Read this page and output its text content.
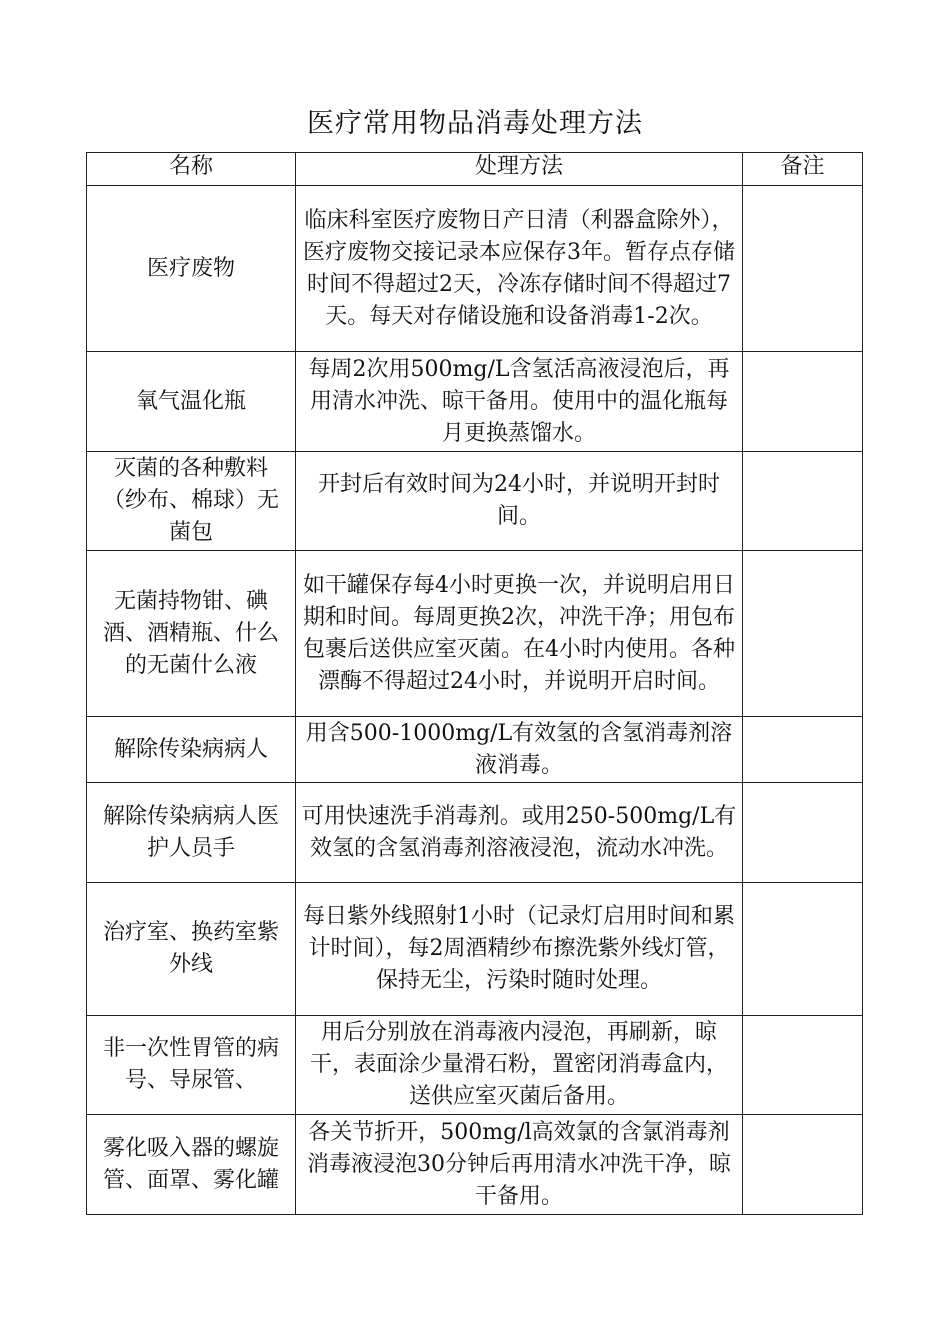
医疗常用物品消毒处理方法
名称	处理方法	备注
医疗废物	临床科室医疗废物日产日清（利器盒除外），医疗废物交接记录本应保存3年。暂存点存储时间不得超过2天，冷冻存储时间不得超过7天。每天对存储设施和设备消毒1-2次。	
氧气温化瓶	每周2次用500mg/L含氢活高液浸泡后，再用清水冲洗、晾干备用。使用中的温化瓶每月更换蒸馏水。	
灭菌的各种敷料（纱布、棉球）无菌包	开封后有效时间为24小时，并说明开封时间。	
无菌持物钳、碘酒、酒精瓶、什么的无菌什么液	如干罐保存每4小时更换一次，并说明启用日期和时间。每周更换2次，冲洗干净；用包布包裹后送供应室灭菌。在4小时内使用。各种漂酶不得超过24小时，并说明开启时间。	
解除传染病病人	用含500-1000mg/L有效氢的含氢消毒剂溶液消毒。	
解除传染病病人医护人员手	可用快速洗手消毒剂。或用250-500mg/L有效氢的含氢消毒剂溶液浸泡，流动水冲洗。	
治疗室、换药室紫外线	每日紫外线照射1小时（记录灯启用时间和累计时间），每2周酒精纱布擦洗紫外线灯管，保持无尘，污染时随时处理。	
非一次性胃管的病号、导尿管、	用后分别放在消毒液内浸泡，再刷新，晾干，表面涂少量滑石粉，置密闭消毒盒内，送供应室灭菌后备用。	
雾化吸入器的螺旋管、面罩、雾化罐	各关节折开，500mg/l高效氯的含氯消毒剂消毒液浸泡30分钟后再用清水冲洗干净，晾干备用。	
